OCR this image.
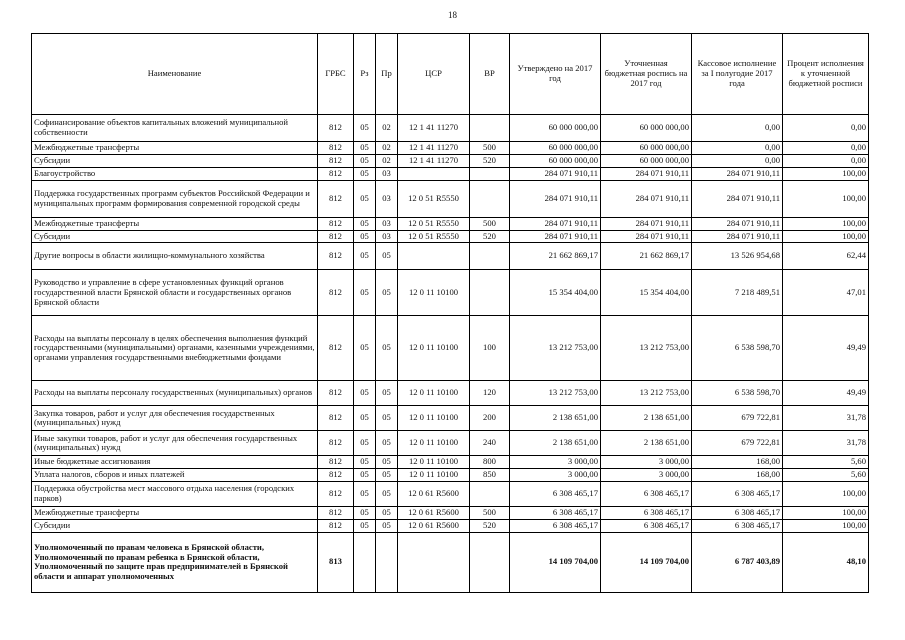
18
Наименование	ГРБС	Рз	Пр	ЦСР	ВР	Утверждено на 2017 год	Уточненная бюджетная роспись на 2017 год	Кассовое исполнение за I полугодие 2017 года	Процент исполнения к уточненной бюджетной росписи
Софинансирование объектов капитальных вложений муниципальной собственности	812	05	02	12 1 41 11270		60 000 000,00	60 000 000,00	0,00	0,00
Межбюджетные трансферты	812	05	02	12 1 41 11270	500	60 000 000,00	60 000 000,00	0,00	0,00
Субсидии	812	05	02	12 1 41 11270	520	60 000 000,00	60 000 000,00	0,00	0,00
Благоустройство	812	05	03			284 071 910,11	284 071 910,11	284 071 910,11	100,00
Поддержка государственных программ субъектов Российской Федерации и муниципальных программ формирования современной городской среды	812	05	03	12 0 51 R5550		284 071 910,11	284 071 910,11	284 071 910,11	100,00
Межбюджетные трансферты	812	05	03	12 0 51 R5550	500	284 071 910,11	284 071 910,11	284 071 910,11	100,00
Субсидии	812	05	03	12 0 51 R5550	520	284 071 910,11	284 071 910,11	284 071 910,11	100,00
Другие вопросы в области жилищно-коммунального хозяйства	812	05	05			21 662 869,17	21 662 869,17	13 526 954,68	62,44
Руководство и управление в сфере установленных функций органов государственной власти Брянской области и государственных органов Брянской области	812	05	05	12 0 11 10100		15 354 404,00	15 354 404,00	7 218 489,51	47,01
Расходы на выплаты персоналу в целях обеспечения выполнения функций государственными (муниципальными) органами, казенными учреждениями, органами управления государственными внебюджетными фондами	812	05	05	12 0 11 10100	100	13 212 753,00	13 212 753,00	6 538 598,70	49,49
Расходы на выплаты персоналу государственных (муниципальных) органов	812	05	05	12 0 11 10100	120	13 212 753,00	13 212 753,00	6 538 598,70	49,49
Закупка товаров, работ и услуг для обеспечения государственных (муниципальных) нужд	812	05	05	12 0 11 10100	200	2 138 651,00	2 138 651,00	679 722,81	31,78
Иные закупки товаров, работ и услуг для обеспечения государственных (муниципальных) нужд	812	05	05	12 0 11 10100	240	2 138 651,00	2 138 651,00	679 722,81	31,78
Иные бюджетные ассигнования	812	05	05	12 0 11 10100	800	3 000,00	3 000,00	168,00	5,60
Уплата налогов, сборов и иных платежей	812	05	05	12 0 11 10100	850	3 000,00	3 000,00	168,00	5,60
Поддержка обустройства мест массового отдыха населения (городских парков)	812	05	05	12 0 61 R5600		6 308 465,17	6 308 465,17	6 308 465,17	100,00
Межбюджетные трансферты	812	05	05	12 0 61 R5600	500	6 308 465,17	6 308 465,17	6 308 465,17	100,00
Субсидии	812	05	05	12 0 61 R5600	520	6 308 465,17	6 308 465,17	6 308 465,17	100,00
Уполномоченный по правам человека в Брянской области, Уполномоченный по правам ребенка в Брянской области, Уполномоченный по защите прав предпринимателей в Брянской области и аппарат уполномоченных	813					14 109 704,00	14 109 704,00	6 787 403,89	48,10
